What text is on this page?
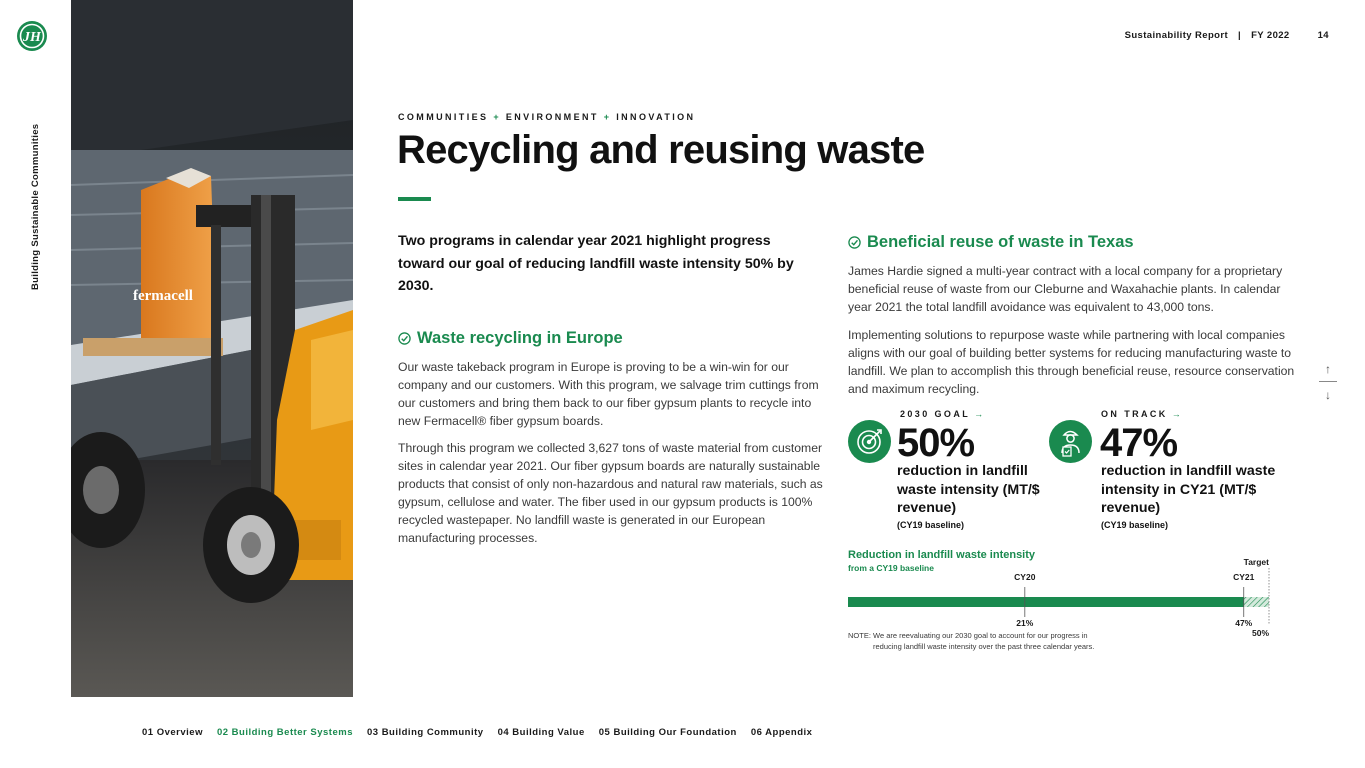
JH
Building Sustainable Communities
fermacell
Sustainability Report | FY 2022	14
COMMUNITIES + ENVIRONMENT + INNOVATION
Recycling and reusing waste
Two programs in calendar year 2021 highlight progress toward our goal of reducing landfill waste intensity 50% by 2030.
Waste recycling in Europe

Our waste takeback program in Europe is proving to be a win-win for our company and our customers. With this program, we salvage trim cuttings from our customers and bring them back to our fiber gypsum plants to recycle into new Fermacell® fiber gypsum boards.

Through this program we collected 3,627 tons of waste material from customer sites in calendar year 2021. Our fiber gypsum boards are naturally sustainable products that consist of only non-hazardous and natural raw materials, such as gypsum, cellulose and water. The fiber used in our gypsum products is 100% recycled wastepaper. No landfill waste is generated in our European manufacturing processes.

Beneficial reuse of waste in Texas

James Hardie signed a multi-year contract with a local company for a proprietary beneficial reuse of waste from our Cleburne and Waxahachie plants. In calendar year 2021 the total landfill avoidance was equivalent to 43,000 tons.

Implementing solutions to repurpose waste while partnering with local companies aligns with our goal of building better systems for reducing manufacturing waste to landfill. We plan to accomplish this through beneficial reuse, resource conservation and maximum recycling.

2030 GOAL →
50%
reduction in landfill waste intensity (MT/$ revenue)
(CY19 baseline)
ON TRACK →
47%
reduction in landfill waste intensity in CY21 (MT/$ revenue)
(CY19 baseline)
Reduction in landfill waste intensity
from a CY19 baseline
CY20
21%
CY21
47%
Target
50%
NOTE: We are reevaluating our 2030 goal to account for our progress in
reducing landfill waste intensity over the past three calendar years.
↑
↓
01 Overview 02 Building Better Systems 03 Building Community 04 Building Value 05 Building Our Foundation 06 Appendix
